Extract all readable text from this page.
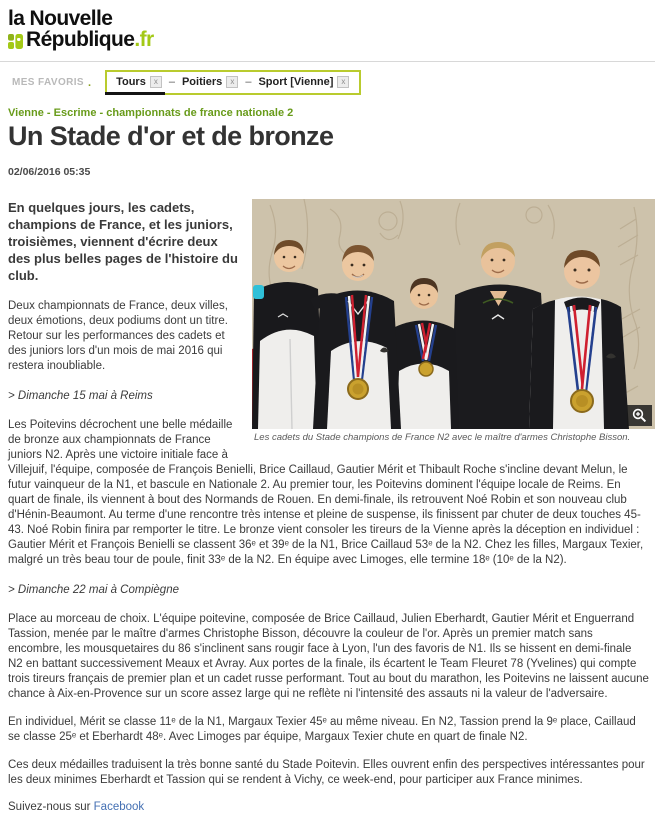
la Nouvelle
République .fr
MES FAVORIS . Tours	x	– Poitiers	x	– Sport [Vienne]	x
Vienne - Escrime - championnats de france nationale 2
Un Stade d'or et de bronze
02/06/2016 05:35
Les cadets du Stade champions de France N2 avec le maître d'armes Christophe Bisson.

En quelques jours, les cadets, champions de France, et les juniors, troisièmes, viennent d'écrire deux des plus belles pages de l'histoire du club.

Deux championnats de France, deux villes, deux émotions, deux podiums dont un titre. Retour sur les performances des cadets et des juniors lors d'un mois de mai 2016 qui restera inoubliable.

> Dimanche 15 mai à Reims

Les Poitevins décrochent une belle médaille de bronze aux championnats de France juniors N2. Après une victoire initiale face à Villejuif, l'équipe, composée de François Benielli, Brice Caillaud, Gautier Mérit et Thibault Roche s'incline devant Melun, le futur vainqueur de la N1, et bascule en Nationale 2. Au premier tour, les Poitevins dominent l'équipe locale de Reims. En quart de finale, ils viennent à bout des Normands de Rouen. En demi-finale, ils retrouvent Noé Robin et son nouveau club d'Hénin-Beaumont. Au terme d'une rencontre très intense et pleine de suspense, ils finissent par chuter de deux touches 45-43. Noé Robin finira par remporter le titre. Le bronze vient consoler les tireurs de la Vienne après la déception en individuel : Gautier Mérit et François Benielli se classent 36ᵉ et 39ᵉ de la N1, Brice Caillaud 53ᵉ de la N2. Chez les filles, Margaux Texier, malgré un très beau tour de poule, finit 33ᵉ de la N2. En équipe avec Limoges, elle termine 18ᵉ (10ᵉ de la N2).

> Dimanche 22 mai à Compiègne

Place au morceau de choix. L'équipe poitevine, composée de Brice Caillaud, Julien Eberhardt, Gautier Mérit et Enguerrand Tassion, menée par le maître d'armes Christophe Bisson, découvre la couleur de l'or. Après un premier match sans encombre, les mousquetaires du 86 s'inclinent sans rougir face à Lyon, l'un des favoris de N1. Ils se hissent en demi-finale N2 en battant successivement Meaux et Avray. Aux portes de la finale, ils écartent le Team Fleuret 78 (Yvelines) qui compte trois tireurs français de premier plan et un cadet russe performant. Tout au bout du marathon, les Poitevins ne laissent aucune chance à Aix-en-Provence sur un score assez large qui ne reflète ni l'intensité des assauts ni la valeur de l'adversaire.

En individuel, Mérit se classe 11ᵉ de la N1, Margaux Texier 45ᵉ au même niveau. En N2, Tassion prend la 9ᵉ place, Caillaud se classe 25ᵉ et Eberhardt 48ᵉ. Avec Limoges par équipe, Margaux Texier chute en quart de finale N2.

Ces deux médailles traduisent la très bonne santé du Stade Poitevin. Elles ouvrent enfin des perspectives intéressantes pour les deux minimes Eberhardt et Tassion qui se rendent à Vichy, ce week-end, pour participer aux France minimes.

Suivez-nous sur Facebook
